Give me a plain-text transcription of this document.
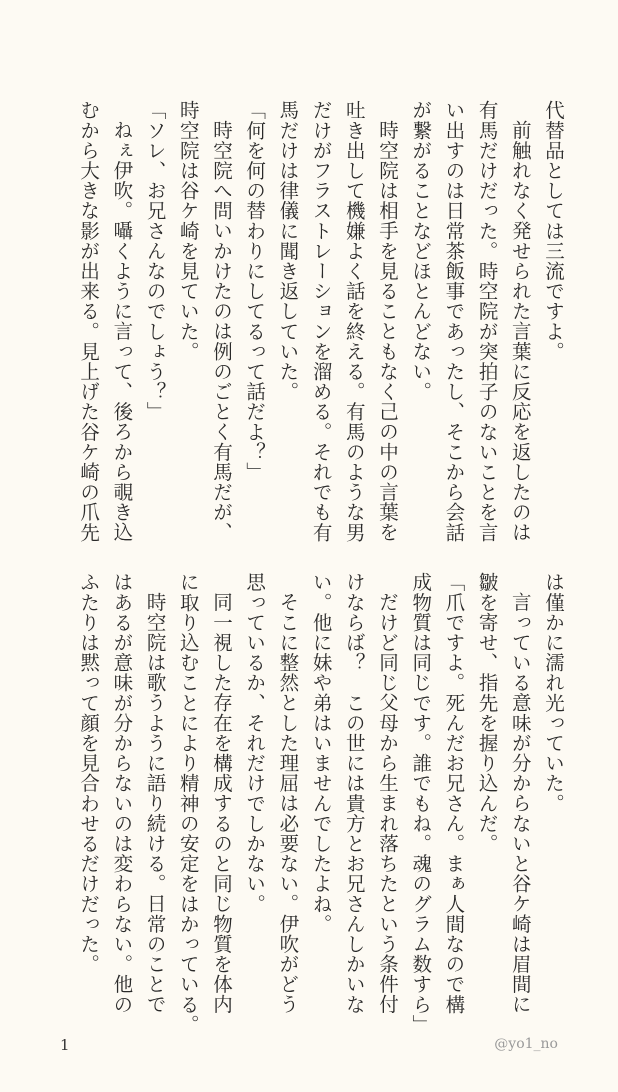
代替品としては三流ですよ。
前触れなく発せられた言葉に反応を返したのは
有馬だけだった。時空院が突拍子のないことを言
い出すのは日常茶飯事であったし、そこから会話
が繋がることなどほとんどない。
時空院は相手を見ることもなく己の中の言葉を
吐き出して機嫌よく話を終える。有馬のような男
だけがフラストレーションを溜める。それでも有
馬だけは律儀に聞き返していた。
「何を何の替わりにしてるって話だよ？」
時空院へ問いかけたのは例のごとく有馬だが、
時空院は谷ケ崎を見ていた。
「ソレ、お兄さんなのでしょう？」
ねぇ伊吹。囁くように言って、後ろから覗き込
むから大きな影が出来る。見上げた谷ケ崎の爪先
は僅かに濡れ光っていた。
言っている意味が分からないと谷ケ崎は眉間に
皺を寄せ、指先を握り込んだ。
「爪ですよ。死んだお兄さん。まぁ人間なので構
成物質は同じです。誰でもね。魂のグラム数すら」
だけど同じ父母から生まれ落ちたという条件付
けならば？　この世には貴方とお兄さんしかいな
い。他に妹や弟はいませんでしたよね。
そこに整然とした理屈は必要ない。伊吹がどう
思っているか、それだけでしかない。
同一視した存在を構成するのと同じ物質を体内
に取り込むことにより精神の安定をはかっている。
時空院は歌うように語り続ける。日常のことで
はあるが意味が分からないのは変わらない。他の
ふたりは黙って顔を見合わせるだけだった。
1	@yo1_no
